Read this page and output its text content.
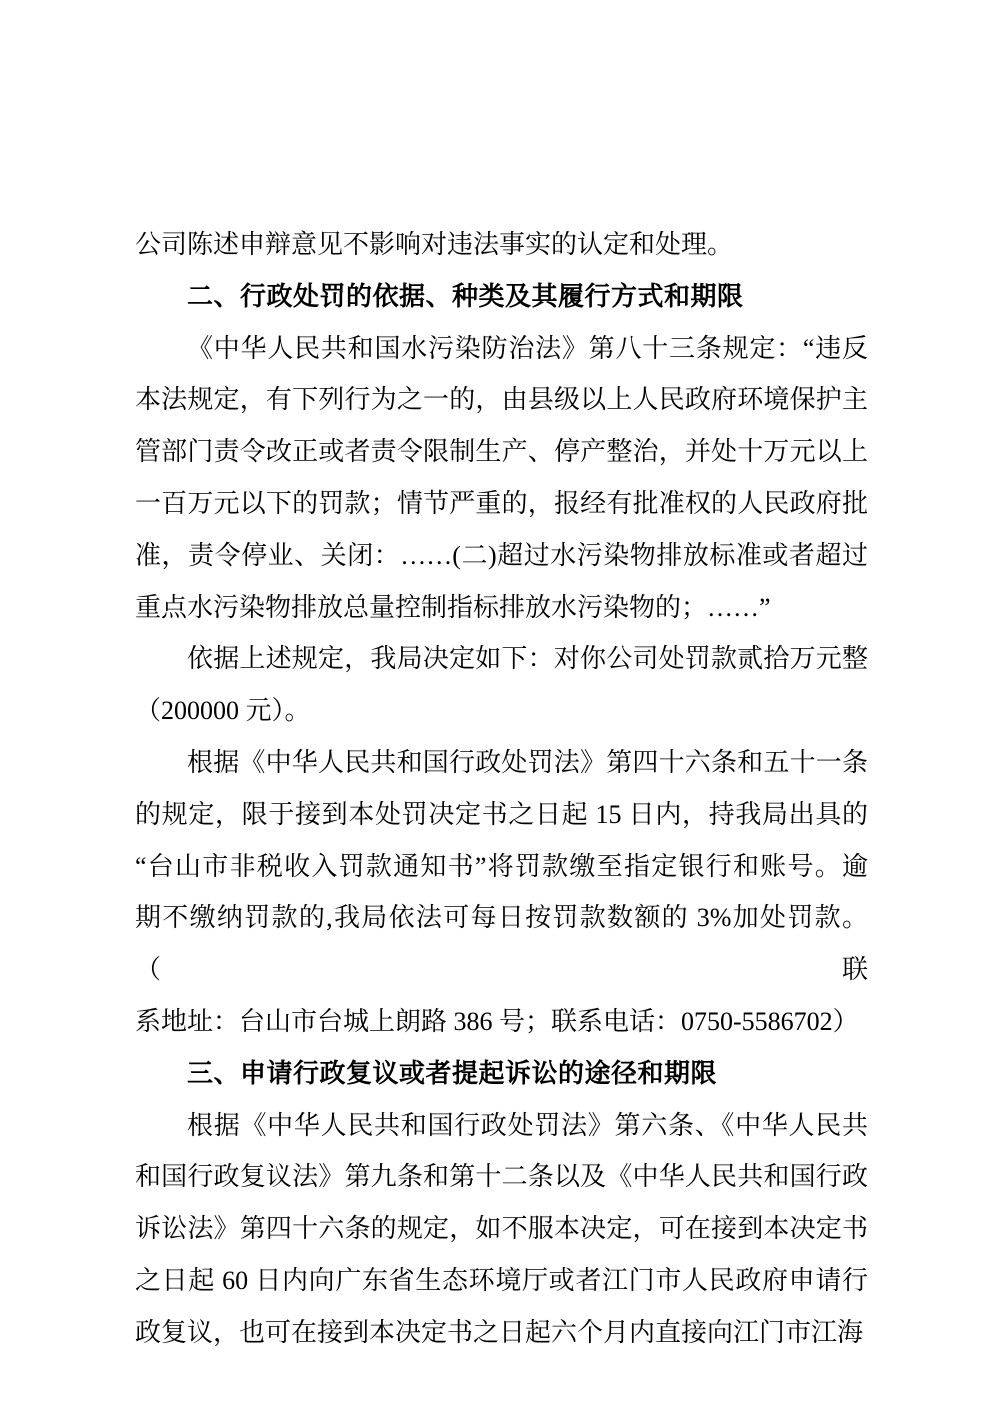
公司陈述申辩意见不影响对违法事实的认定和处理。
二、行政处罚的依据、种类及其履行方式和期限
《中华人民共和国水污染防治法》第八十三条规定：“违反
本法规定，有下列行为之一的，由县级以上人民政府环境保护主
管部门责令改正或者责令限制生产、停产整治，并处十万元以上
一百万元以下的罚款；情节严重的，报经有批准权的人民政府批
准，责令停业、关闭：……(二)超过水污染物排放标准或者超过
重点水污染物排放总量控制指标排放水污染物的；……”
依据上述规定，我局决定如下：对你公司处罚款贰拾万元整
（200000 元）。
根据《中华人民共和国行政处罚法》第四十六条和五十一条
的规定，限于接到本处罚决定书之日起 15 日内，持我局出具的
“台山市非税收入罚款通知书”将罚款缴至指定银行和账号。逾
期不缴纳罚款的,我局依法可每日按罚款数额的 3%加处罚款。（联
系地址：台山市台城上朗路 386 号；联系电话：0750-5586702）
三、申请行政复议或者提起诉讼的途径和期限
根据《中华人民共和国行政处罚法》第六条、《中华人民共
和国行政复议法》第九条和第十二条以及《中华人民共和国行政
诉讼法》第四十六条的规定，如不服本决定，可在接到本决定书
之日起 60 日内向广东省生态环境厅或者江门市人民政府申请行
政复议，也可在接到本决定书之日起六个月内直接向江门市江海
